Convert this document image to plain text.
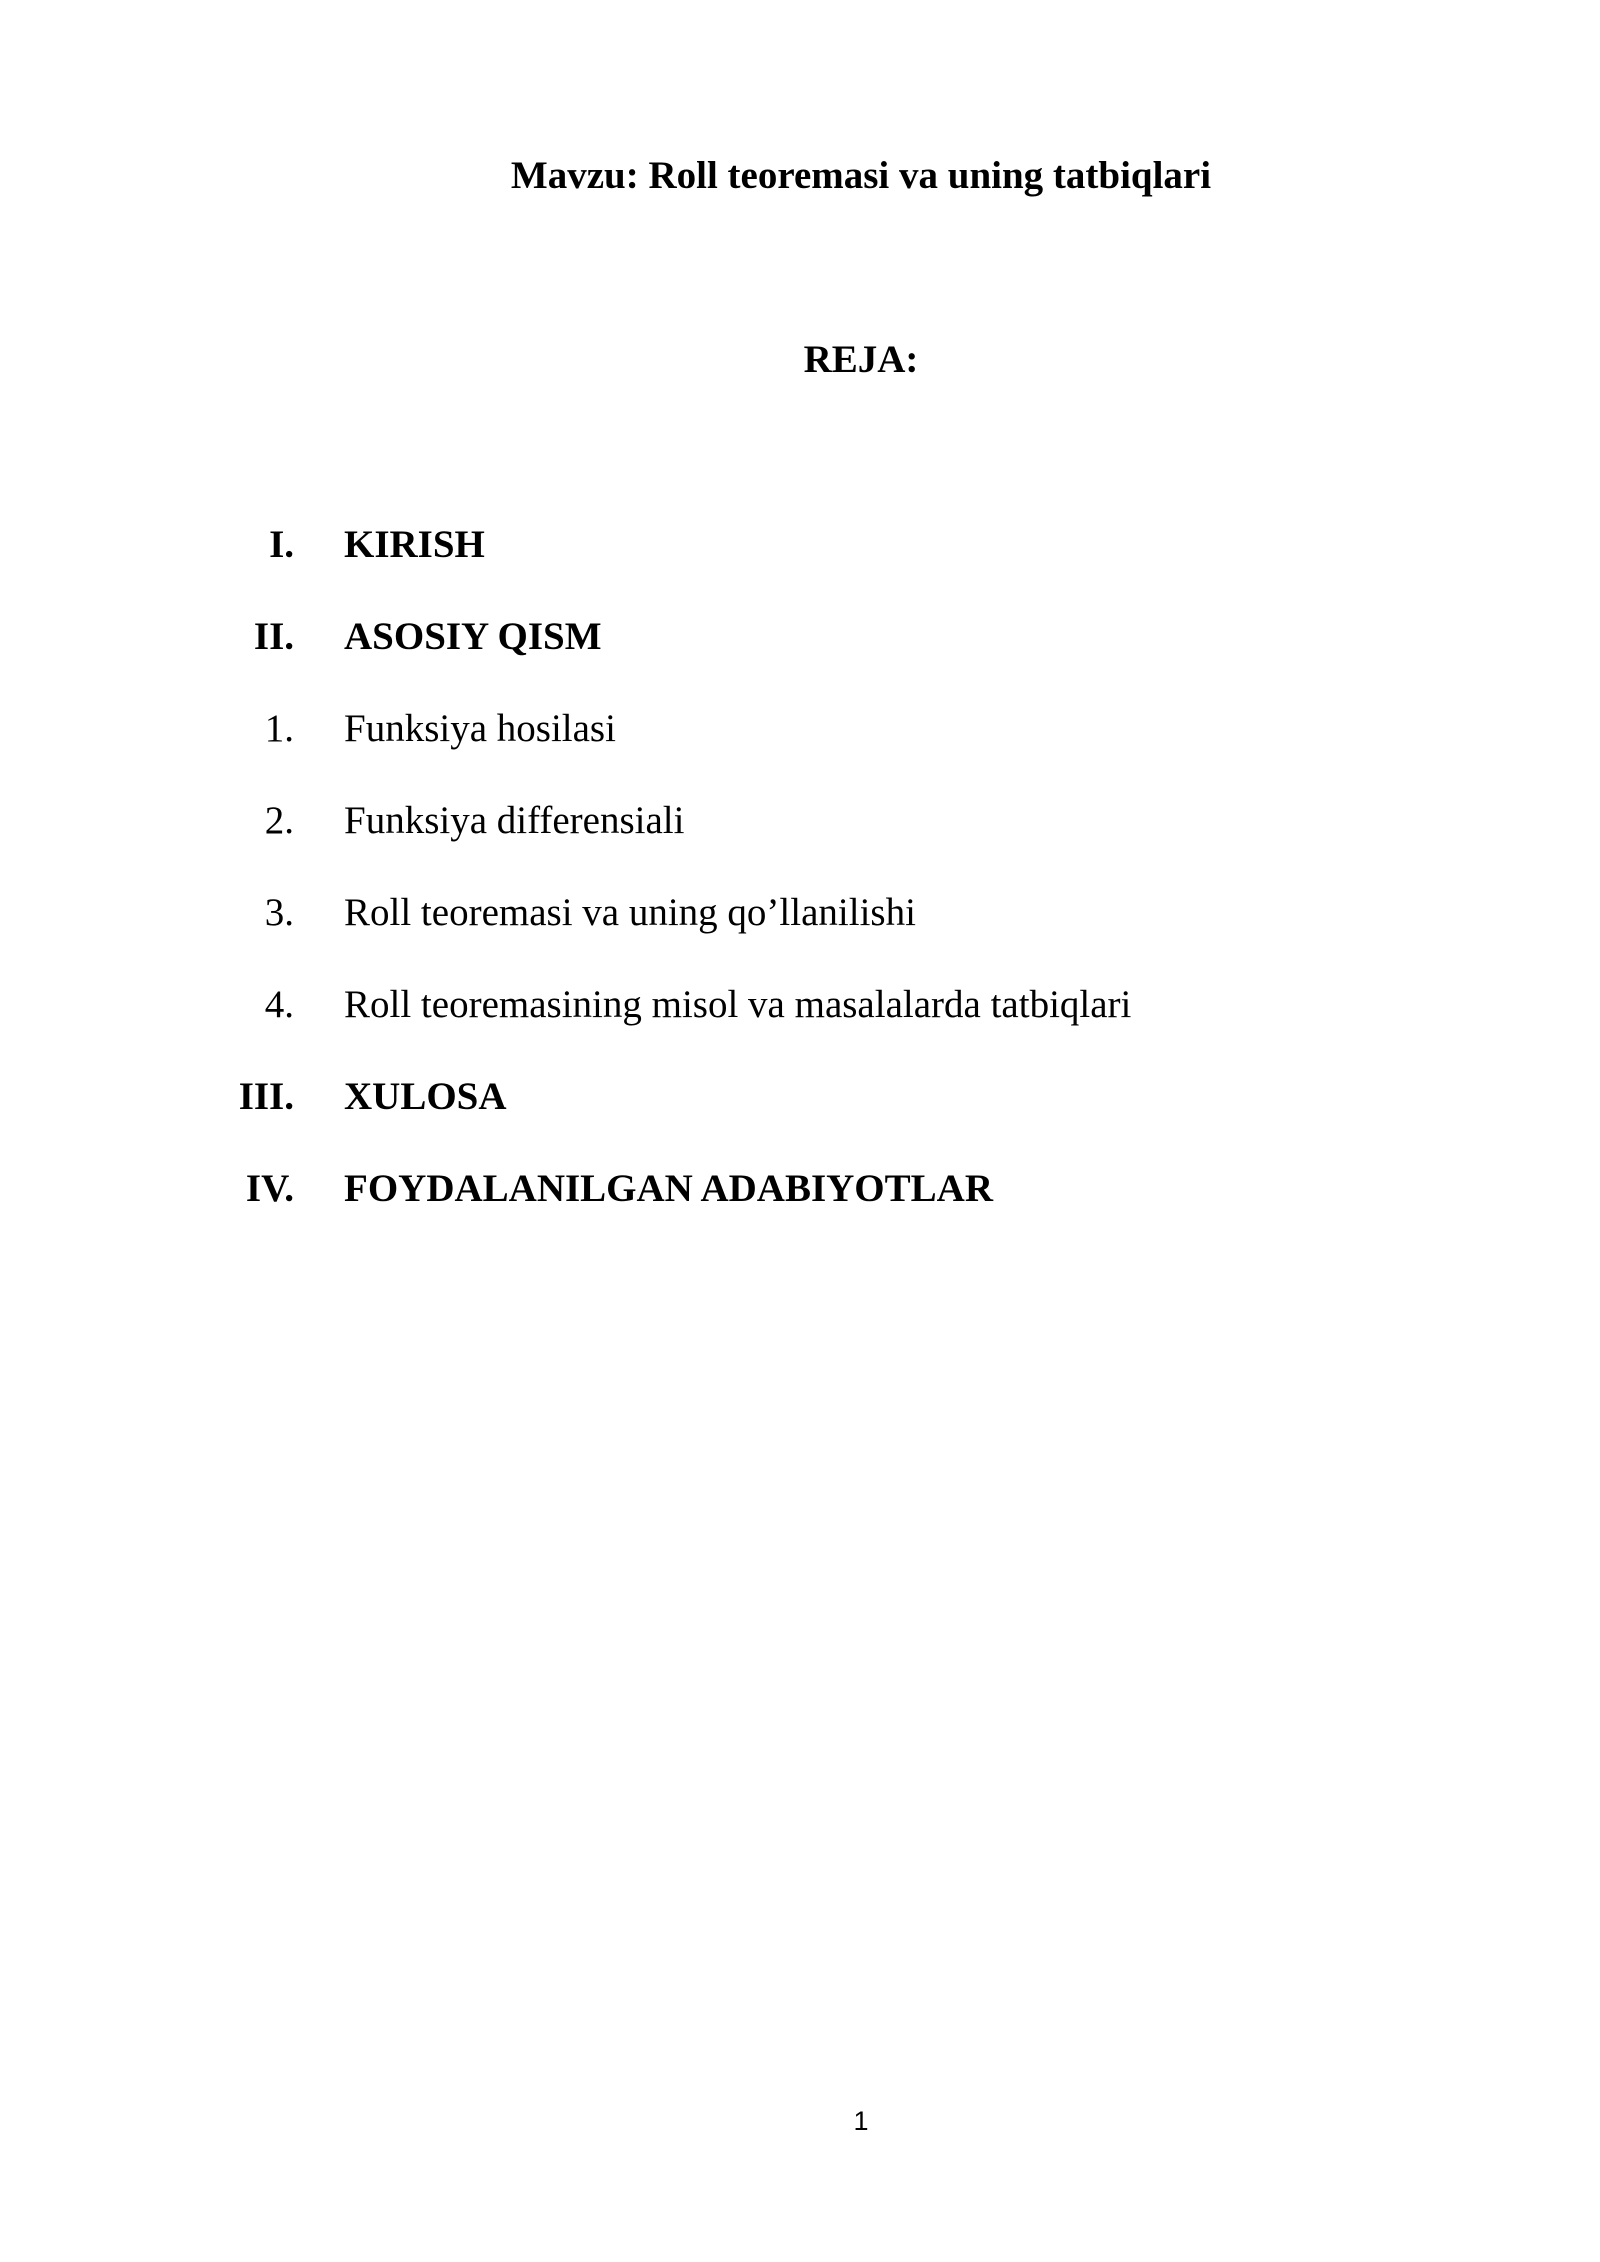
Mavzu: Roll teoremasi va uning tatbiqlari
REJA:
I. KIRISH
II. ASOSIY QISM
1. Funksiya hosilasi
2. Funksiya differensiali
3. Roll teoremasi va uning qo’llanilishi
4. Roll teoremasining misol va masalalarda tatbiqlari
III. XULOSA
IV. FOYDALANILGAN ADABIYOTLAR
1
